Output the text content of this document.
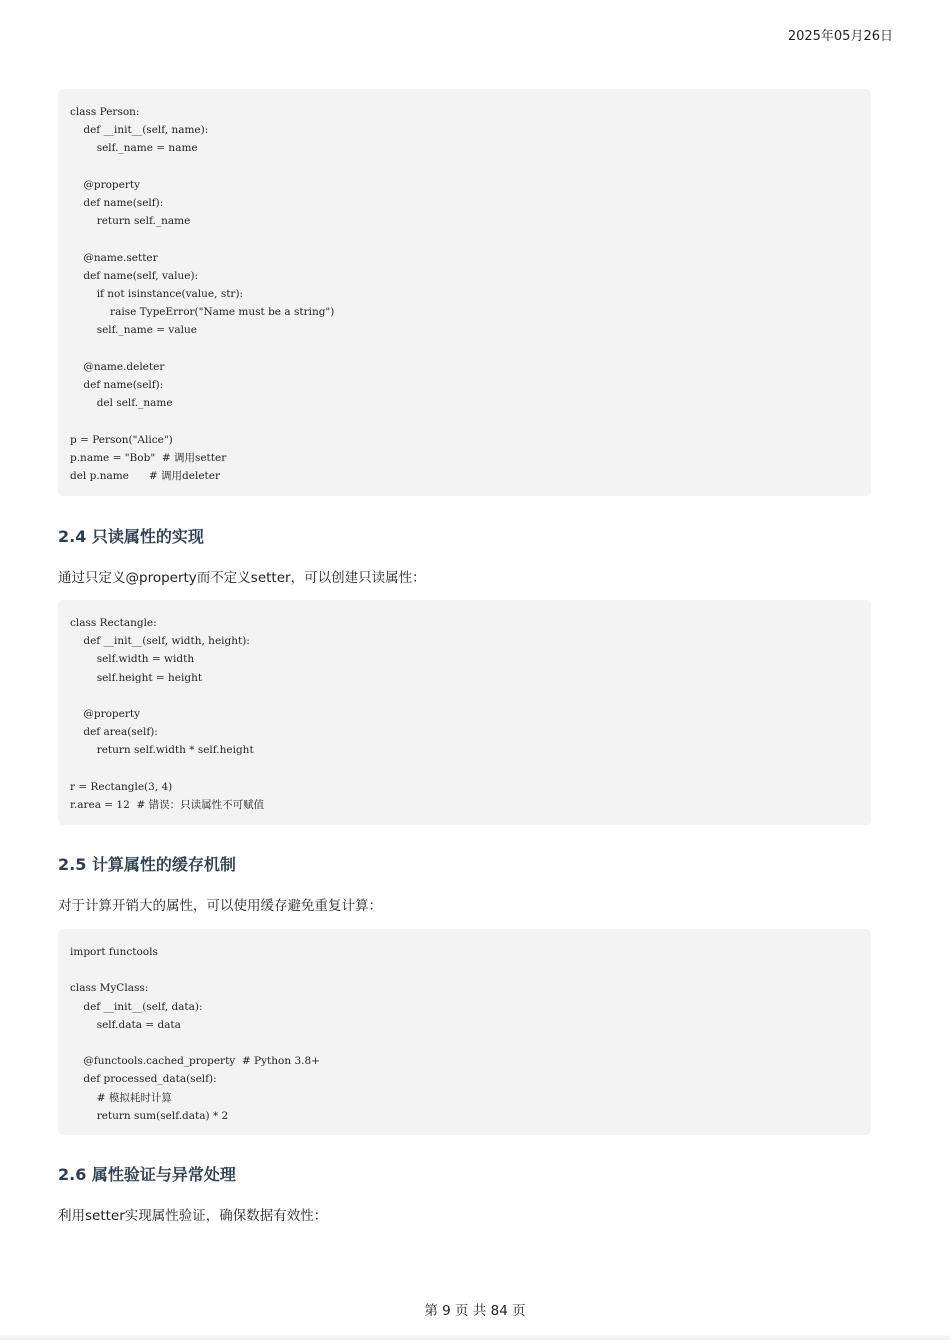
2025年05月26日
class Person:
def __init__(self, name):
self._name = name

@property
def name(self):
return self._name

@name.setter
def name(self, value):
if not isinstance(value, str):
raise TypeError("Name must be a string")
self._name = value

@name.deleter
def name(self):
del self._name

p = Person("Alice")
p.name = "Bob"  # 调用setter
del p.name      # 调用deleter
2.4 只读属性的实现

通过只定义@property而不定义setter，可以创建只读属性：

class Rectangle:
def __init__(self, width, height):
self.width = width
self.height = height

@property
def area(self):
return self.width * self.height

r = Rectangle(3, 4)
r.area = 12  # 错误：只读属性不可赋值
2.5 计算属性的缓存机制

对于计算开销大的属性，可以使用缓存避免重复计算：

import functools

class MyClass:
def __init__(self, data):
self.data = data

@functools.cached_property  # Python 3.8+
def processed_data(self):
# 模拟耗时计算
return sum(self.data) * 2
2.6 属性验证与异常处理

利用setter实现属性验证，确保数据有效性：

第 9 页 共 84 页
